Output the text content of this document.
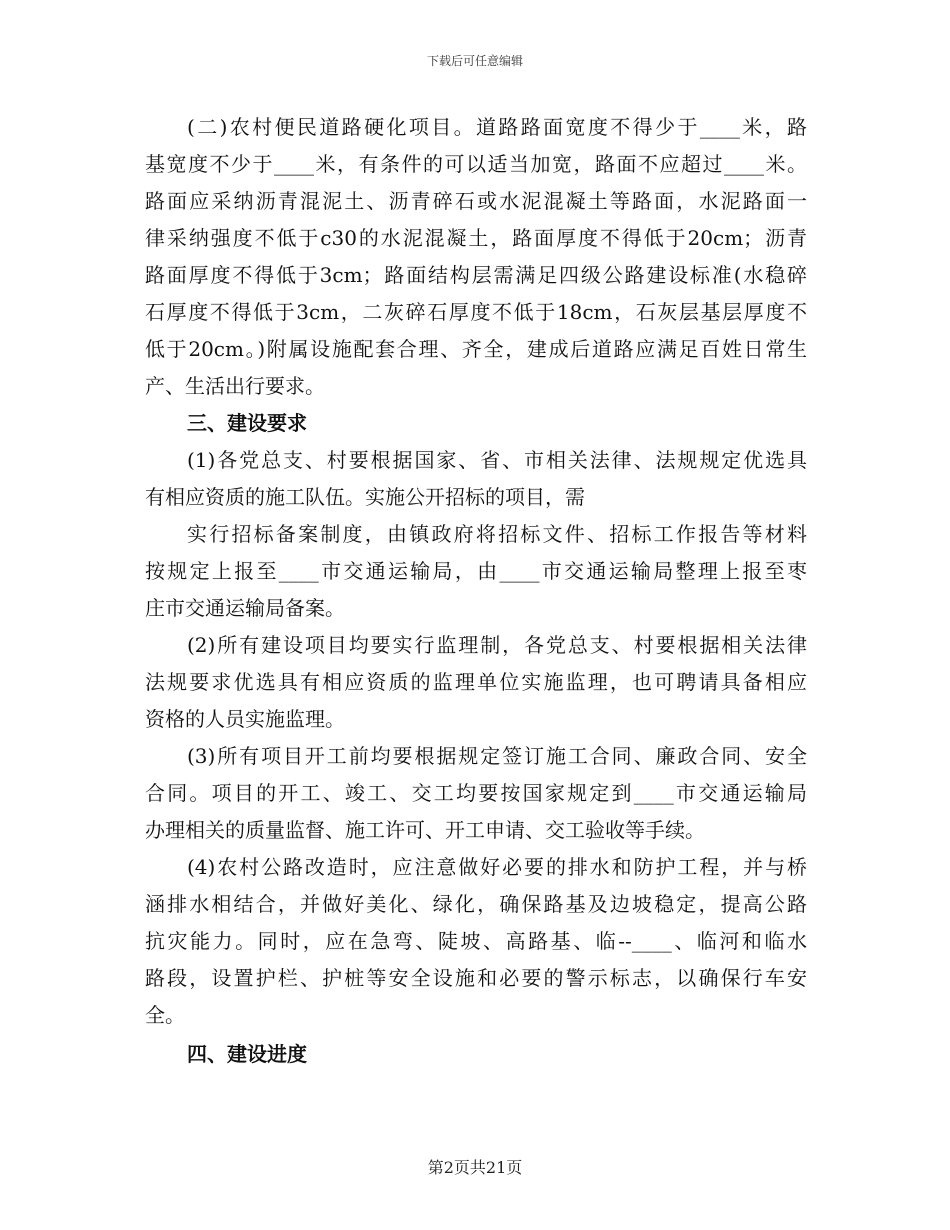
下载后可任意编辑

(二)农村便民道路硬化项目。道路路面宽度不得少于____米，路

基宽度不少于____米，有条件的可以适当加宽，路面不应超过____米。

路面应采纳沥青混泥土、沥青碎石或水泥混凝土等路面，水泥路面一

律采纳强度不低于c30的水泥混凝土，路面厚度不得低于20cm；沥青

路面厚度不得低于3cm；路面结构层需满足四级公路建设标准(水稳碎

石厚度不得低于3cm，二灰碎石厚度不低于18cm，石灰层基层厚度不

低于20cm。)附属设施配套合理、齐全，建成后道路应满足百姓日常生

产、生活出行要求。

三、建设要求

(1)各党总支、村要根据国家、省、市相关法律、法规规定优选具

有相应资质的施工队伍。实施公开招标的项目，需

实行招标备案制度，由镇政府将招标文件、招标工作报告等材料

按规定上报至____市交通运输局，由____市交通运输局整理上报至枣

庄市交通运输局备案。

(2)所有建设项目均要实行监理制，各党总支、村要根据相关法律

法规要求优选具有相应资质的监理单位实施监理，也可聘请具备相应

资格的人员实施监理。

(3)所有项目开工前均要根据规定签订施工合同、廉政合同、安全

合同。项目的开工、竣工、交工均要按国家规定到____市交通运输局

办理相关的质量监督、施工许可、开工申请、交工验收等手续。

(4)农村公路改造时，应注意做好必要的排水和防护工程，并与桥

涵排水相结合，并做好美化、绿化，确保路基及边坡稳定，提高公路

抗灾能力。同时，应在急弯、陡坡、高路基、临--____、临河和临水

路段，设置护栏、护桩等安全设施和必要的警示标志，以确保行车安

全。

四、建设进度

第2页共21页
